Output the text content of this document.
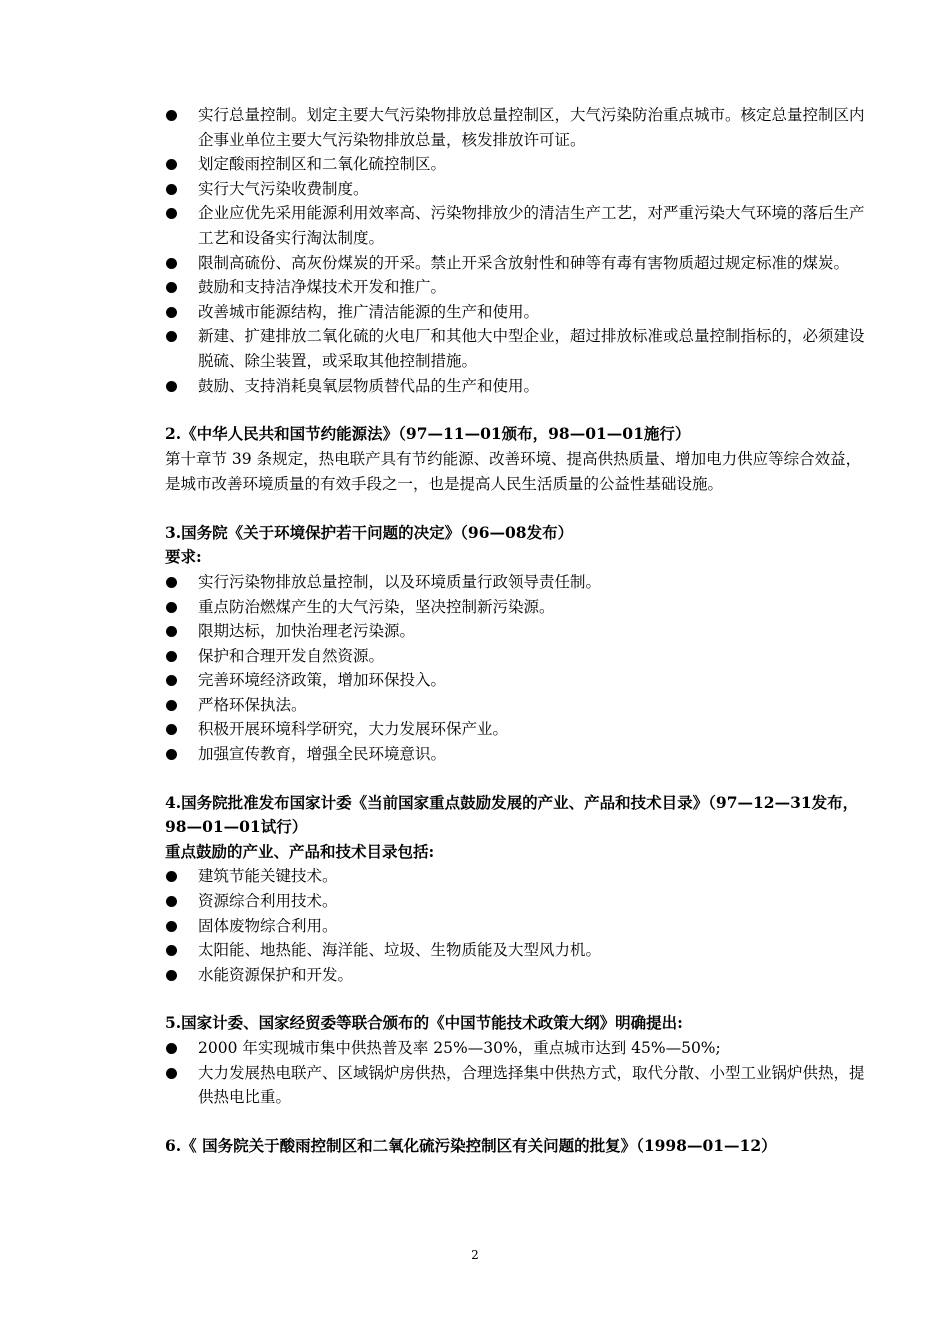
实行总量控制。划定主要大气污染物排放总量控制区，大气污染防治重点城市。核定总量控制区内企事业单位主要大气污染物排放总量，核发排放许可证。
划定酸雨控制区和二氧化硫控制区。
实行大气污染收费制度。
企业应优先采用能源利用效率高、污染物排放少的清洁生产工艺，对严重污染大气环境的落后生产工艺和设备实行淘汰制度。
限制高硫份、高灰份煤炭的开采。禁止开采含放射性和砷等有毒有害物质超过规定标准的煤炭。
鼓励和支持洁净煤技术开发和推广。
改善城市能源结构，推广清洁能源的生产和使用。
新建、扩建排放二氧化硫的火电厂和其他大中型企业，超过排放标准或总量控制指标的，必须建设脱硫、除尘装置，或采取其他控制措施。
鼓励、支持消耗臭氧层物质替代品的生产和使用。

2.《中华人民共和国节约能源法》（97—11—01颁布，98—01—01施行）

第十章节 39 条规定，热电联产具有节约能源、改善环境、提高供热质量、增加电力供应等综合效益，是城市改善环境质量的有效手段之一，也是提高人民生活质量的公益性基础设施。

3.国务院《关于环境保护若干问题的决定》（96—08发布）

要求:

实行污染物排放总量控制，以及环境质量行政领导责任制。
重点防治燃煤产生的大气污染，坚决控制新污染源。
限期达标，加快治理老污染源。
保护和合理开发自然资源。
完善环境经济政策，增加环保投入。
严格环保执法。
积极开展环境科学研究，大力发展环保产业。
加强宣传教育，增强全民环境意识。

4.国务院批准发布国家计委《当前国家重点鼓励发展的产业、产品和技术目录》（97—12—31发布，98—01—01试行）

重点鼓励的产业、产品和技术目录包括:

建筑节能关键技术。
资源综合利用技术。
固体废物综合利用。
太阳能、地热能、海洋能、垃圾、生物质能及大型风力机。
水能资源保护和开发。

5.国家计委、国家经贸委等联合颁布的《中国节能技术政策大纲》明确提出:

2000 年实现城市集中供热普及率 25%—30%，重点城市达到 45%—50%;
大力发展热电联产、区域锅炉房供热，合理选择集中供热方式，取代分散、小型工业锅炉供热，提供热电比重。

6.《 国务院关于酸雨控制区和二氧化硫污染控制区有关问题的批复》（1998—01—12）

2
